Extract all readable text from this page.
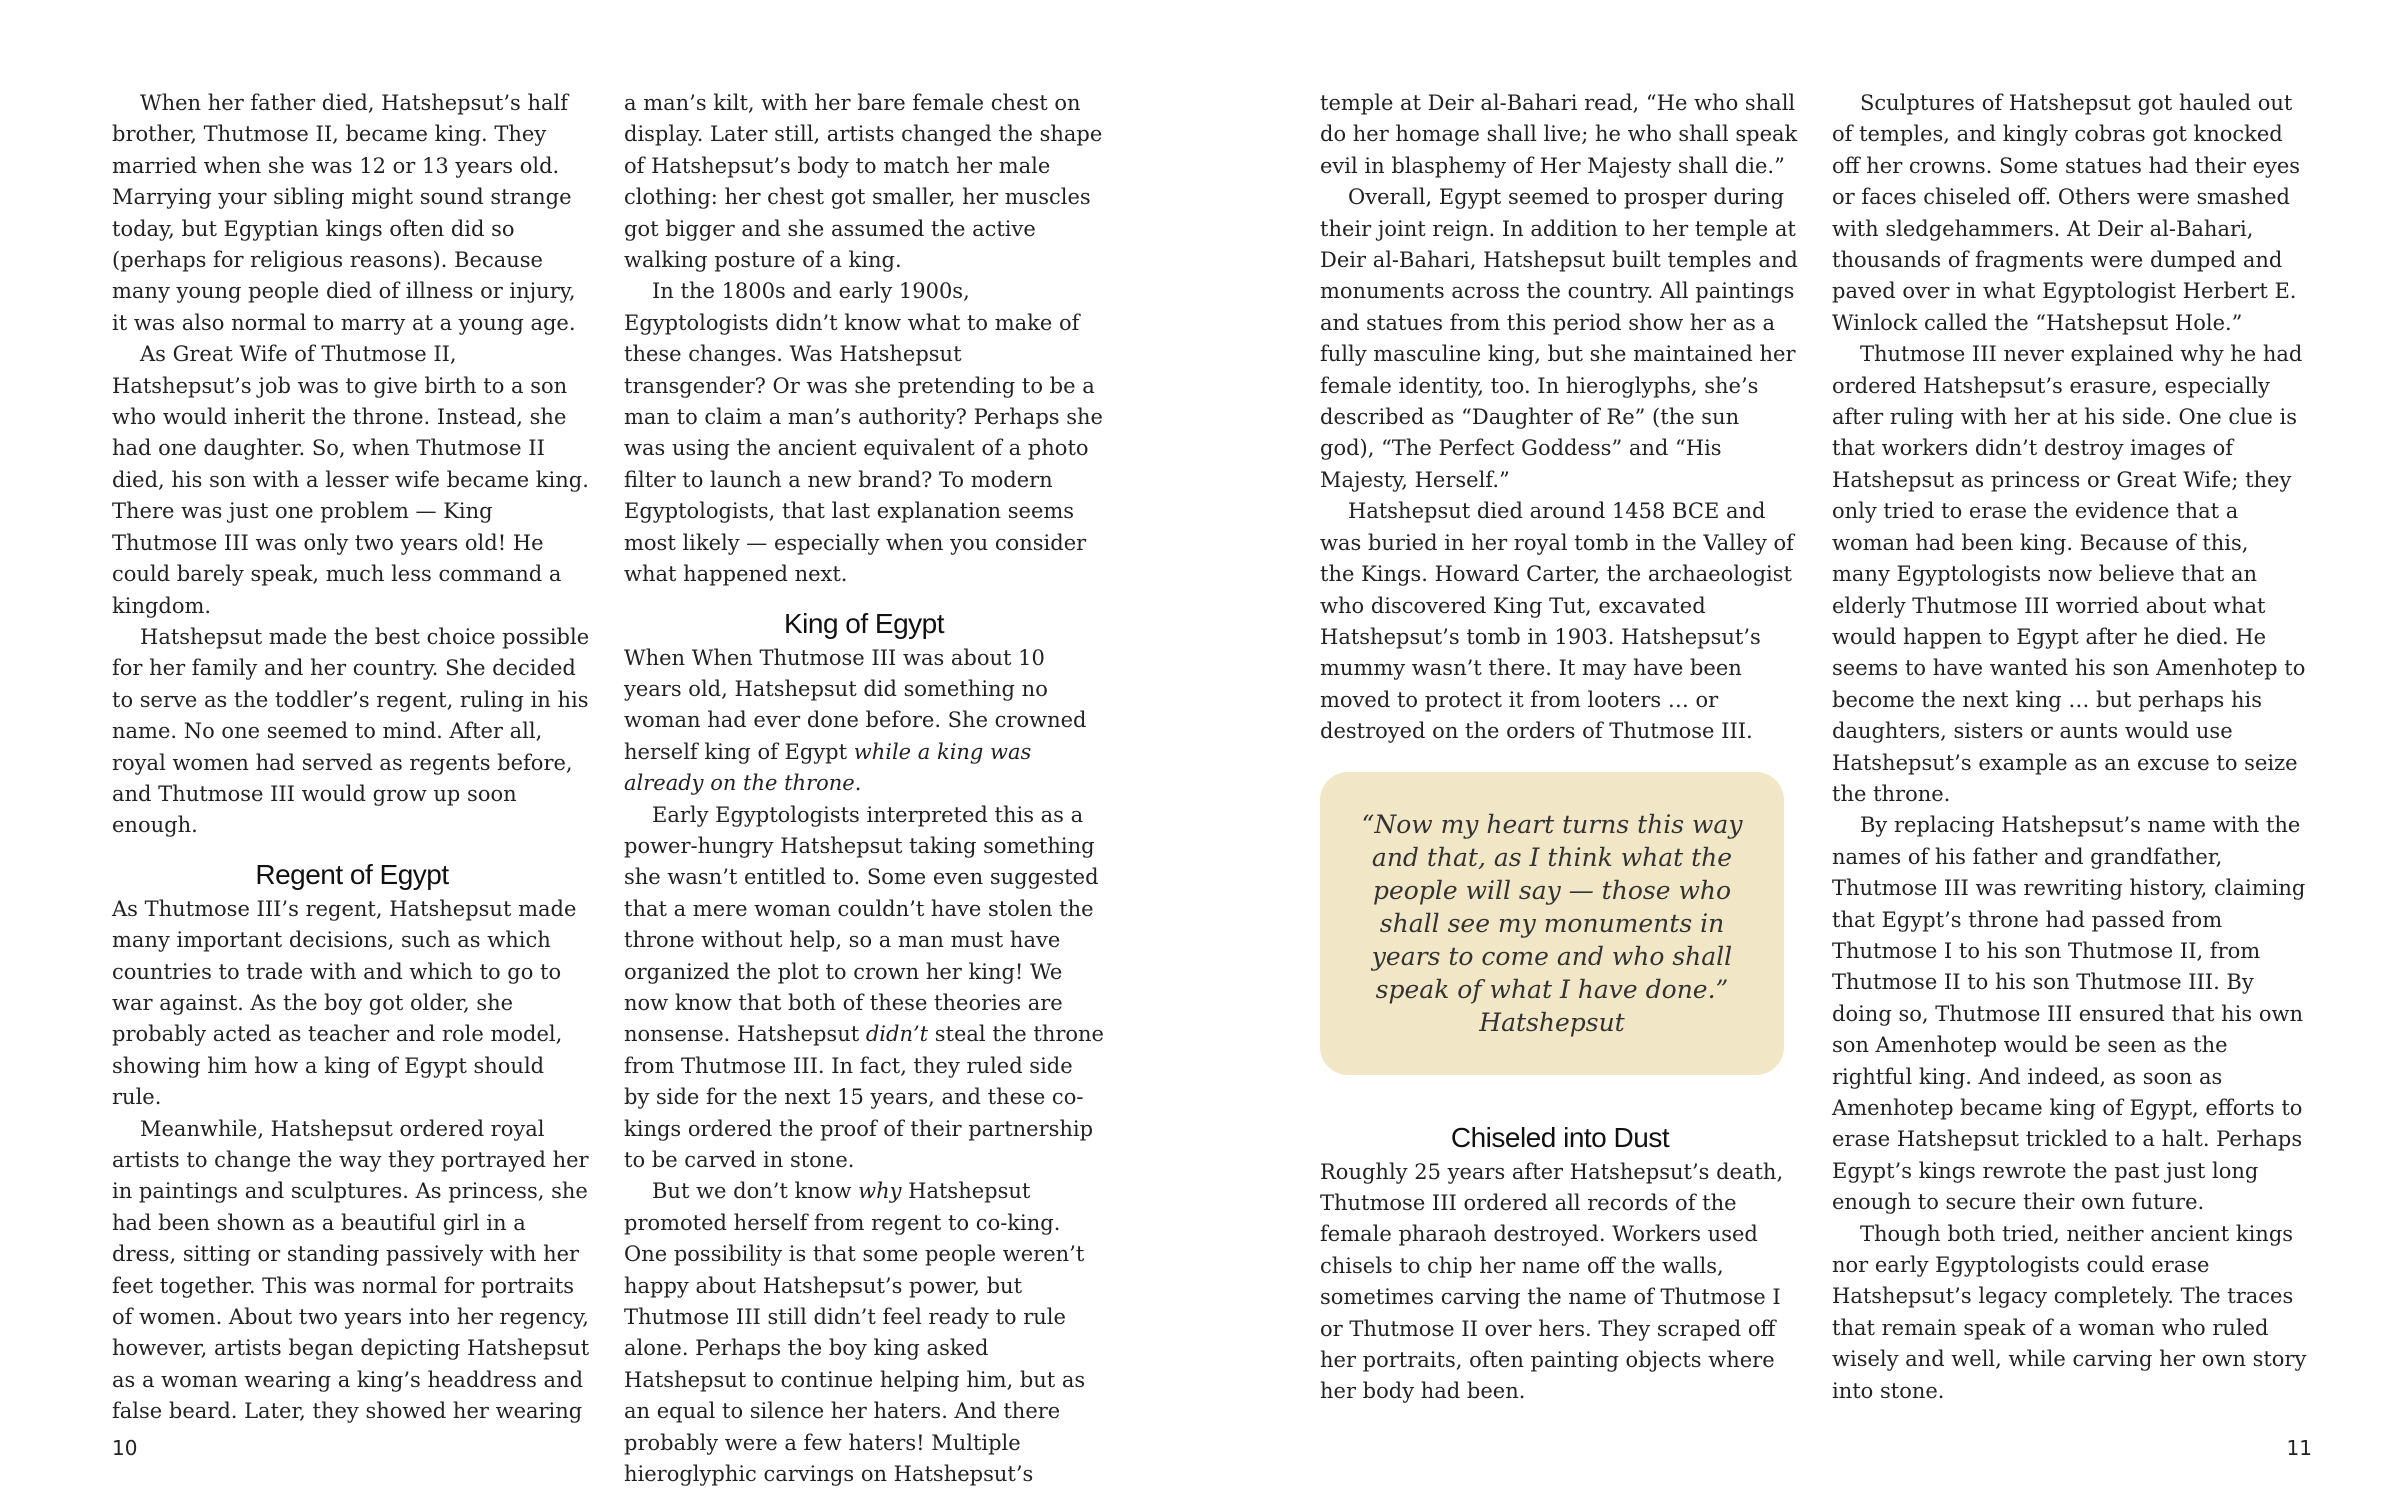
When her father died, Hatshepsut’s half brother, Thutmose II, became king. They married when she was 12 or 13 years old. Marrying your sibling might sound strange today, but Egyptian kings often did so (perhaps for religious reasons). Because many young people died of illness or injury, it was also normal to marry at a young age.

As Great Wife of Thutmose II, Hatshepsut’s job was to give birth to a son who would inherit the throne. Instead, she had one daughter. So, when Thutmose II died, his son with a lesser wife became king. There was just one problem — King Thutmose III was only two years old! He could barely speak, much less command a kingdom.

Hatshepsut made the best choice possible for her family and her country. She decided to serve as the toddler’s regent, ruling in his name. No one seemed to mind. After all, royal women had served as regents before, and Thutmose III would grow up soon enough.

Regent of Egypt

As Thutmose III’s regent, Hatshepsut made many important decisions, such as which countries to trade with and which to go to war against. As the boy got older, she probably acted as teacher and role model, showing him how a king of Egypt should rule.

Meanwhile, Hatshepsut ordered royal artists to change the way they portrayed her in paintings and sculptures. As princess, she had been shown as a beautiful girl in a dress, sitting or standing passively with her feet together. This was normal for portraits of women. About two years into her regency, however, artists began depicting Hatshepsut as a woman wearing a king’s headdress and false beard. Later, they showed her wearing

a man’s kilt, with her bare female chest on display. Later still, artists changed the shape of Hatshepsut’s body to match her male clothing: her chest got smaller, her muscles got bigger and she assumed the active walking posture of a king.

In the 1800s and early 1900s, Egyptologists didn’t know what to make of these changes. Was Hatshepsut transgender? Or was she pretending to be a man to claim a man’s authority? Perhaps she was using the ancient equivalent of a photo filter to launch a new brand? To modern Egyptologists, that last explanation seems most likely — especially when you consider what happened next.

King of Egypt

When When Thutmose III was about 10 years old, Hatshepsut did something no woman had ever done before. She crowned herself king of Egypt while a king was already on the throne.

Early Egyptologists interpreted this as a power-hungry Hatshepsut taking something she wasn’t entitled to. Some even suggested that a mere woman couldn’t have stolen the throne without help, so a man must have organized the plot to crown her king! We now know that both of these theories are nonsense. Hatshepsut didn’t steal the throne from Thutmose III. In fact, they ruled side by side for the next 15 years, and these co-kings ordered the proof of their partnership to be carved in stone.

But we don’t know why Hatshepsut promoted herself from regent to co-king. One possibility is that some people weren’t happy about Hatshepsut’s power, but Thutmose III still didn’t feel ready to rule alone. Perhaps the boy king asked Hatshepsut to continue helping him, but as an equal to silence her haters. And there probably were a few haters! Multiple hieroglyphic carvings on Hatshepsut’s

10

temple at Deir al-Bahari read, “He who shall do her homage shall live; he who shall speak evil in blasphemy of Her Majesty shall die.”

Overall, Egypt seemed to prosper during their joint reign. In addition to her temple at Deir al-Bahari, Hatshepsut built temples and monuments across the country. All paintings and statues from this period show her as a fully masculine king, but she maintained her female identity, too. In hieroglyphs, she’s described as “Daughter of Re” (the sun god), “The Perfect Goddess” and “His Majesty, Herself.”

Hatshepsut died around 1458 BCE and was buried in her royal tomb in the Valley of the Kings. Howard Carter, the archaeologist who discovered King Tut, excavated Hatshepsut’s tomb in 1903. Hatshepsut’s mummy wasn’t there. It may have been moved to protect it from looters … or destroyed on the orders of Thutmose III.

“Now my heart turns this way and that, as I think what the people will say — those who shall see my monuments in years to come and who shall speak of what I have done.”

Hatshepsut

Chiseled into Dust

Roughly 25 years after Hatshepsut’s death, Thutmose III ordered all records of the female pharaoh destroyed. Workers used chisels to chip her name off the walls, sometimes carving the name of Thutmose I or Thutmose II over hers. They scraped off her portraits, often painting objects where her body had been.

Sculptures of Hatshepsut got hauled out of temples, and kingly cobras got knocked off her crowns. Some statues had their eyes or faces chiseled off. Others were smashed with sledgehammers. At Deir al-Bahari, thousands of fragments were dumped and paved over in what Egyptologist Herbert E. Winlock called the “Hatshepsut Hole.”

Thutmose III never explained why he had ordered Hatshepsut’s erasure, especially after ruling with her at his side. One clue is that workers didn’t destroy images of Hatshepsut as princess or Great Wife; they only tried to erase the evidence that a woman had been king. Because of this, many Egyptologists now believe that an elderly Thutmose III worried about what would happen to Egypt after he died. He seems to have wanted his son Amenhotep to become the next king … but perhaps his daughters, sisters or aunts would use Hatshepsut’s example as an excuse to seize the throne.

By replacing Hatshepsut’s name with the names of his father and grandfather, Thutmose III was rewriting history, claiming that Egypt’s throne had passed from Thutmose I to his son Thutmose II, from Thutmose II to his son Thutmose III. By doing so, Thutmose III ensured that his own son Amenhotep would be seen as the rightful king. And indeed, as soon as Amenhotep became king of Egypt, efforts to erase Hatshepsut trickled to a halt. Perhaps Egypt’s kings rewrote the past just long enough to secure their own future.

Though both tried, neither ancient kings nor early Egyptologists could erase Hatshepsut’s legacy completely. The traces that remain speak of a woman who ruled wisely and well, while carving her own story into stone.

11
